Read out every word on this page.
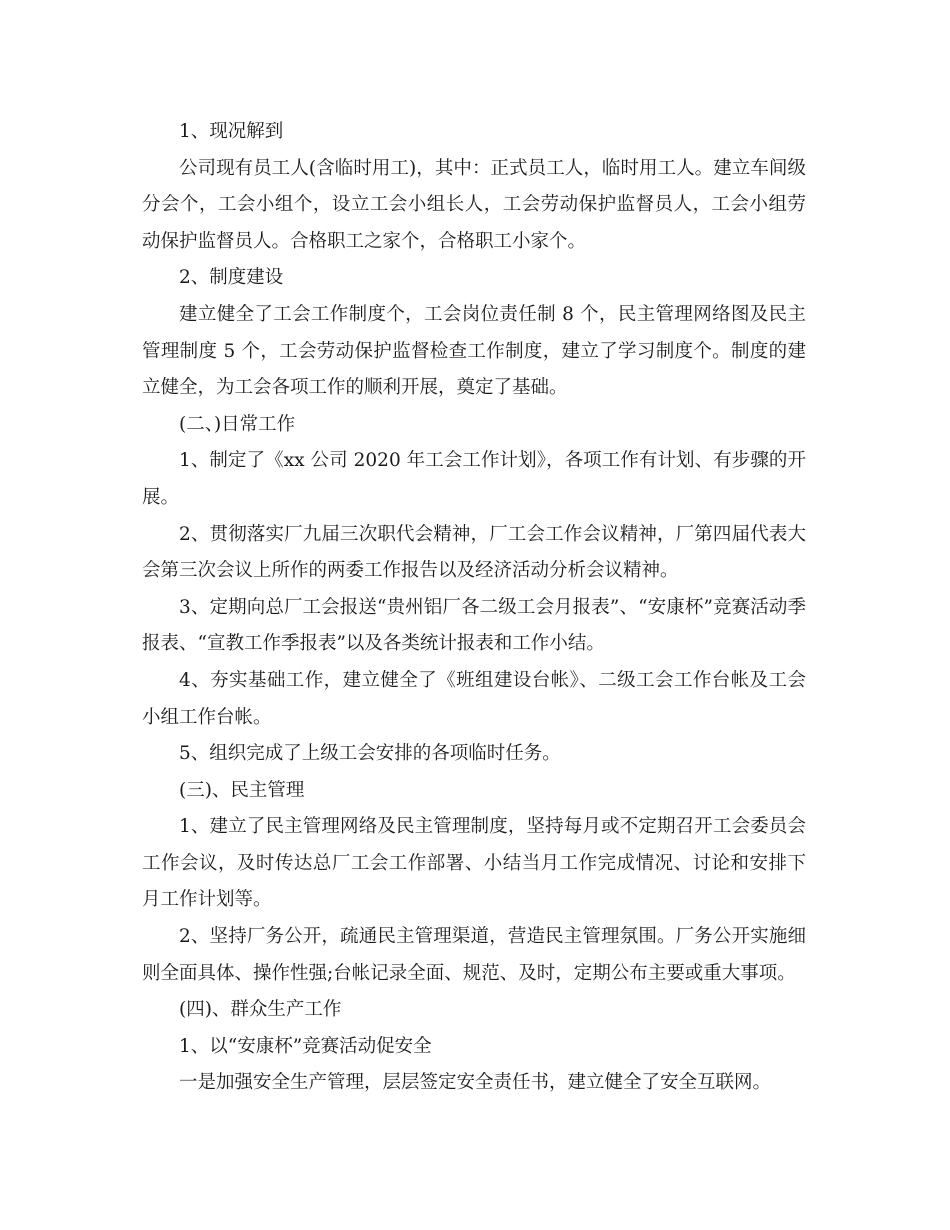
1、现况解到

公司现有员工人(含临时用工)，其中：正式员工人，临时用工人。建立车间级分会个，工会小组个，设立工会小组长人，工会劳动保护监督员人，工会小组劳动保护监督员人。合格职工之家个，合格职工小家个。

2、制度建设

建立健全了工会工作制度个，工会岗位责任制 8 个，民主管理网络图及民主管理制度 5 个，工会劳动保护监督检查工作制度，建立了学习制度个。制度的建立健全，为工会各项工作的顺利开展，奠定了基础。

(二、)日常工作

1、制定了《xx 公司 2020 年工会工作计划》，各项工作有计划、有步骤的开展。

2、贯彻落实厂九届三次职代会精神，厂工会工作会议精神，厂第四届代表大会第三次会议上所作的两委工作报告以及经济活动分析会议精神。

3、定期向总厂工会报送“贵州铝厂各二级工会月报表”、“安康杯”竞赛活动季报表、“宣教工作季报表”以及各类统计报表和工作小结。

4、夯实基础工作，建立健全了《班组建设台帐》、二级工会工作台帐及工会小组工作台帐。

5、组织完成了上级工会安排的各项临时任务。

(三)、民主管理

1、建立了民主管理网络及民主管理制度，坚持每月或不定期召开工会委员会工作会议，及时传达总厂工会工作部署、小结当月工作完成情况、讨论和安排下月工作计划等。

2、坚持厂务公开，疏通民主管理渠道，营造民主管理氛围。厂务公开实施细则全面具体、操作性强;台帐记录全面、规范、及时，定期公布主要或重大事项。

(四)、群众生产工作

1、以“安康杯”竞赛活动促安全

一是加强安全生产管理，层层签定安全责任书，建立健全了安全互联网。
